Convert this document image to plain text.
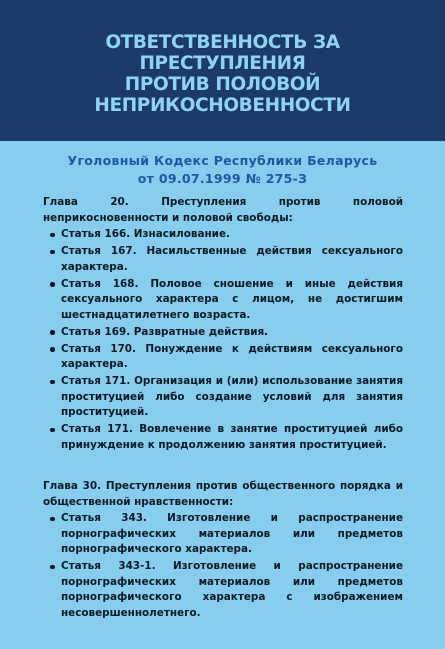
ОТВЕТСТВЕННОСТЬ ЗА
ПРЕСТУПЛЕНИЯ
ПРОТИВ ПОЛОВОЙ
НЕПРИКОСНОВЕННОСТИ
Уголовный Кодекс Республики Беларусь
от 09.07.1999 № 275-З

Глава 20. Преступления против половой неприкосновенности и половой свободы:

Статья 166. Изнасилование.
Статья 167. Насильственные действия сексуального характера.
Статья 168. Половое сношение и иные действия сексуального характера с лицом, не достигшим шестнадцатилетнего возраста.
Статья 169. Развратные действия.
Статья 170. Понуждение к действиям сексуального характера.
Статья 171. Организация и (или) использование занятия проституцией либо создание условий для занятия проституцией.
Статья 171. Вовлечение в занятие проституцией либо принуждение к продолжению занятия проституцией.

Глава 30. Преступления против общественного порядка и общественной нравственности:

Статья 343. Изготовление и распространение порнографических материалов или предметов порнографического характера.
Статья 343-1. Изготовление и распространение порнографических материалов или предметов порнографического характера с изображением несовершеннолетнего.
